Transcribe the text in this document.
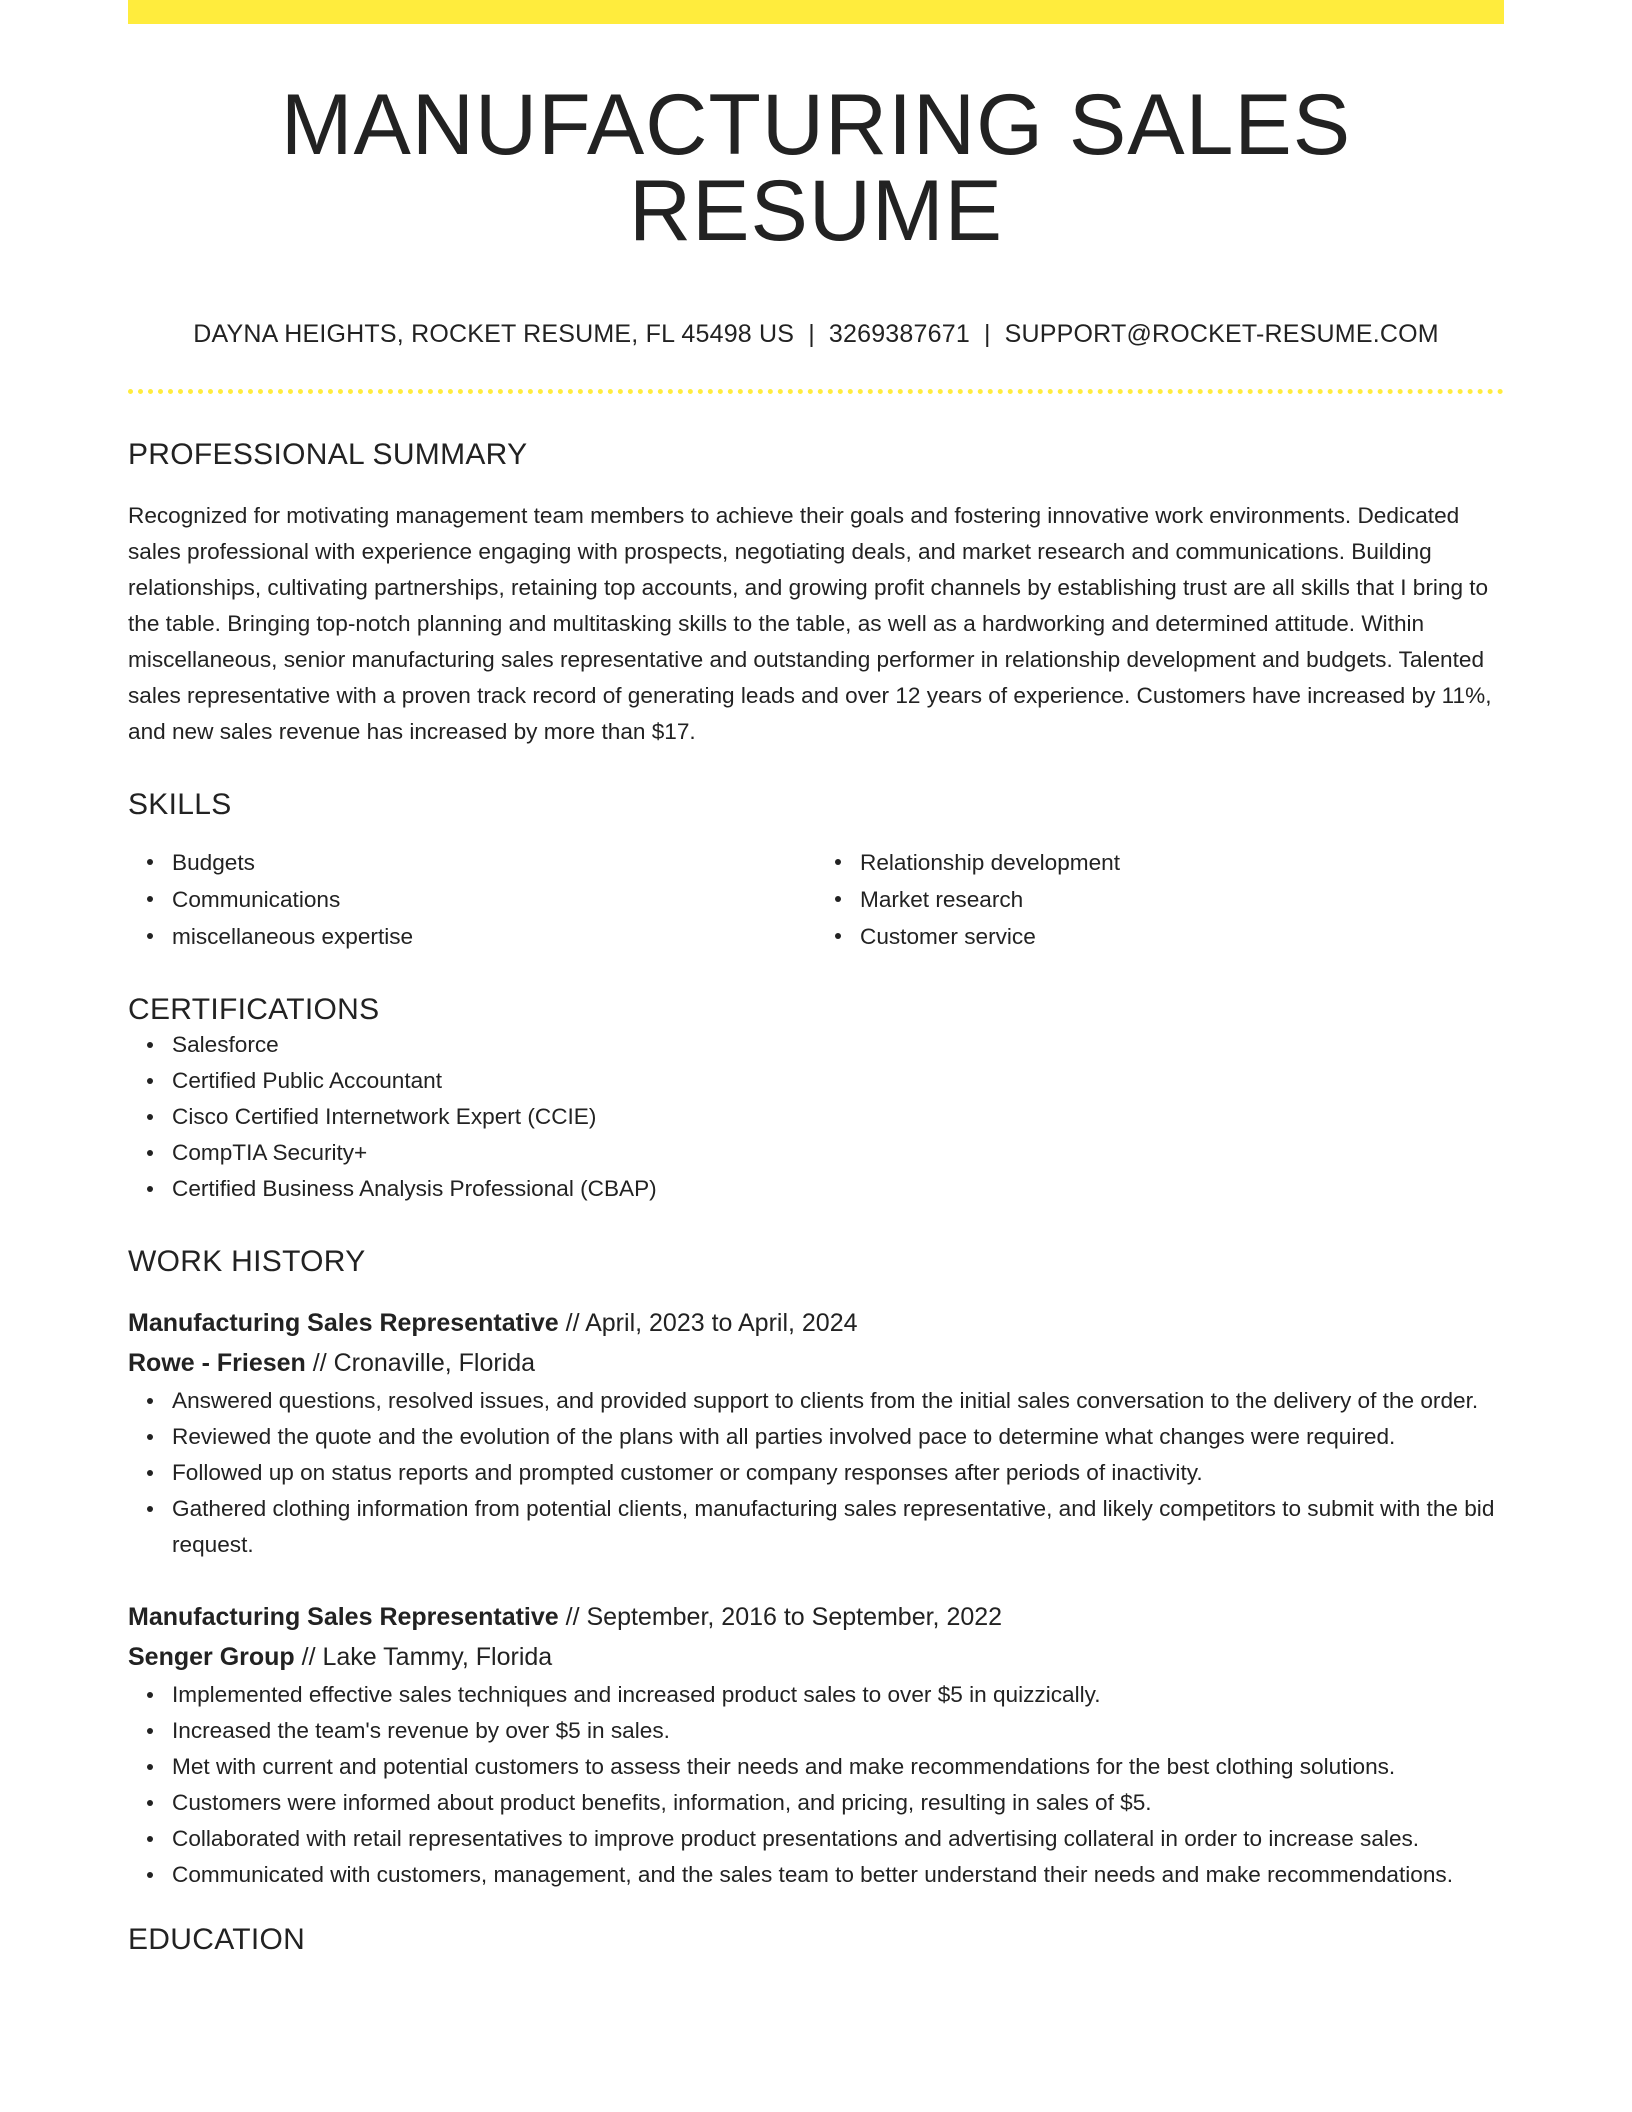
MANUFACTURING SALES RESUME
DAYNA HEIGHTS, ROCKET RESUME, FL 45498 US | 3269387671 | SUPPORT@ROCKET-RESUME.COM
PROFESSIONAL SUMMARY

Recognized for motivating management team members to achieve their goals and fostering innovative work environments. Dedicated sales professional with experience engaging with prospects, negotiating deals, and market research and communications. Building relationships, cultivating partnerships, retaining top accounts, and growing profit channels by establishing trust are all skills that I bring to the table. Bringing top-notch planning and multitasking skills to the table, as well as a hardworking and determined attitude. Within miscellaneous, senior manufacturing sales representative and outstanding performer in relationship development and budgets. Talented sales representative with a proven track record of generating leads and over 12 years of experience. Customers have increased by 11%, and new sales revenue has increased by more than $17.

SKILLS
Budgets
Communications
miscellaneous expertise
Relationship development
Market research
Customer service
CERTIFICATIONS
Salesforce
Certified Public Accountant
Cisco Certified Internetwork Expert (CCIE)
CompTIA Security+
Certified Business Analysis Professional (CBAP)
WORK HISTORY
Manufacturing Sales Representative // April, 2023 to April, 2024
Rowe - Friesen // Cronaville, Florida
Answered questions, resolved issues, and provided support to clients from the initial sales conversation to the delivery of the order.
Reviewed the quote and the evolution of the plans with all parties involved pace to determine what changes were required.
Followed up on status reports and prompted customer or company responses after periods of inactivity.
Gathered clothing information from potential clients, manufacturing sales representative, and likely competitors to submit with the bid request.
Manufacturing Sales Representative // September, 2016 to September, 2022
Senger Group // Lake Tammy, Florida
Implemented effective sales techniques and increased product sales to over $5 in quizzically.
Increased the team's revenue by over $5 in sales.
Met with current and potential customers to assess their needs and make recommendations for the best clothing solutions.
Customers were informed about product benefits, information, and pricing, resulting in sales of $5.
Collaborated with retail representatives to improve product presentations and advertising collateral in order to increase sales.
Communicated with customers, management, and the sales team to better understand their needs and make recommendations.
EDUCATION
